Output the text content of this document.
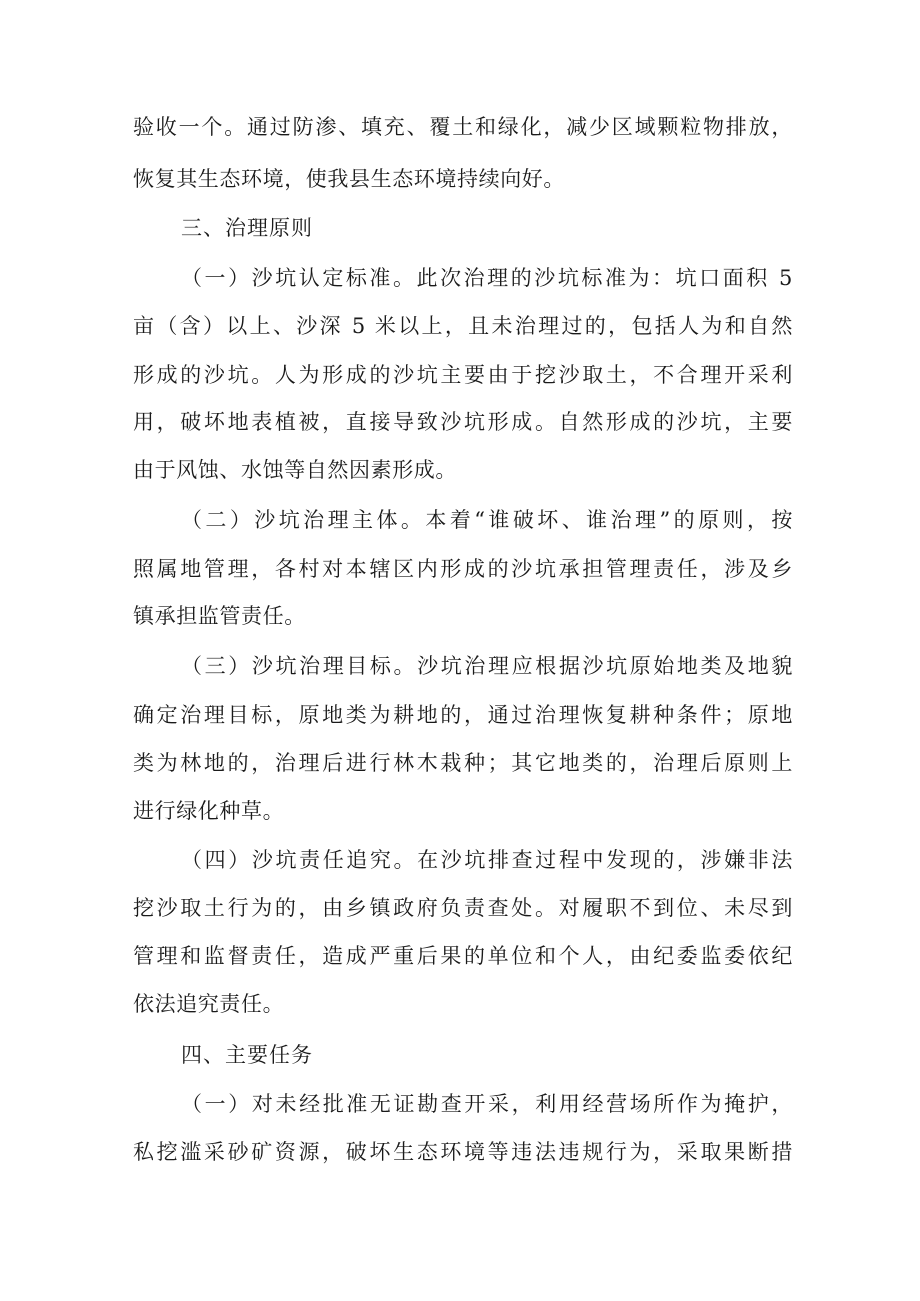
验收一个。通过防渗、填充、覆土和绿化，减少区域颗粒物排放，
恢复其生态环境，使我县生态环境持续向好。
三、治理原则
（一）沙坑认定标准。此次治理的沙坑标准为：坑口面积 5
亩（含）以上、沙深 5 米以上，且未治理过的，包括人为和自然
形成的沙坑。人为形成的沙坑主要由于挖沙取土，不合理开采利
用，破坏地表植被，直接导致沙坑形成。自然形成的沙坑，主要
由于风蚀、水蚀等自然因素形成。
（二）沙坑治理主体。本着“谁破坏、谁治理”的原则，按
照属地管理，各村对本辖区内形成的沙坑承担管理责任，涉及乡
镇承担监管责任。
（三）沙坑治理目标。沙坑治理应根据沙坑原始地类及地貌
确定治理目标，原地类为耕地的，通过治理恢复耕种条件；原地
类为林地的，治理后进行林木栽种；其它地类的，治理后原则上
进行绿化种草。
（四）沙坑责任追究。在沙坑排查过程中发现的，涉嫌非法
挖沙取土行为的，由乡镇政府负责查处。对履职不到位、未尽到
管理和监督责任，造成严重后果的单位和个人，由纪委监委依纪
依法追究责任。
四、主要任务
（一）对未经批准无证勘查开采，利用经营场所作为掩护，
私挖滥采砂矿资源，破坏生态环境等违法违规行为，采取果断措
